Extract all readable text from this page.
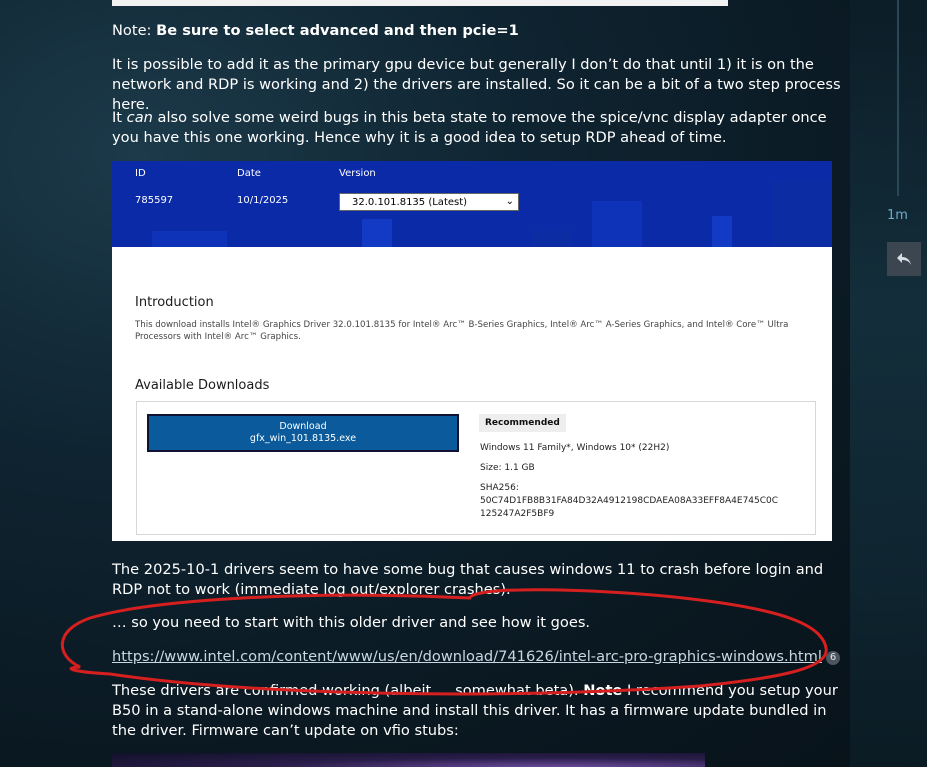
Note: Be sure to select advanced and then pcie=1

It is possible to add it as the primary gpu device but generally I don’t do that until 1) it is on the network and RDP is working and 2) the drivers are installed. So it can be a bit of a two step process here.

It can also solve some weird bugs in this beta state to remove the spice/vnc display adapter once you have this one working. Hence why it is a good idea to setup RDP ahead of time.

The 2025-10-1 drivers seem to have some bug that causes windows 11 to crash before login and RDP not to work (immediate log out/explorer crashes).

… so you need to start with this older driver and see how it goes.

https://www.intel.com/content/www/us/en/download/741626/intel-arc-pro-graphics-windows.html 6

These drivers are confirmed working (albeit … somewhat beta). Note I recommend you setup your B50 in a stand-alone windows machine and install this driver. It has a firmware update bundled in the driver. Firmware can’t update on vfio stubs:

ID	Date	Version
785597	10/1/2025	32.0.101.8135 (Latest)	⌄
Introduction
This download installs Intel® Graphics Driver 32.0.101.8135 for Intel® Arc™ B-Series Graphics, Intel® Arc™ A-Series Graphics, and Intel® Core™ Ultra Processors with Intel® Arc™ Graphics.
Available Downloads
Download
gfx_win_101.8135.exe
Recommended
Windows 11 Family*, Windows 10* (22H2)
Size: 1.1 GB
SHA256:
50C74D1FB8B31FA84D32A4912198CDAEA08A33EFF8A4E745C0C
125247A2F5BF9
1m
